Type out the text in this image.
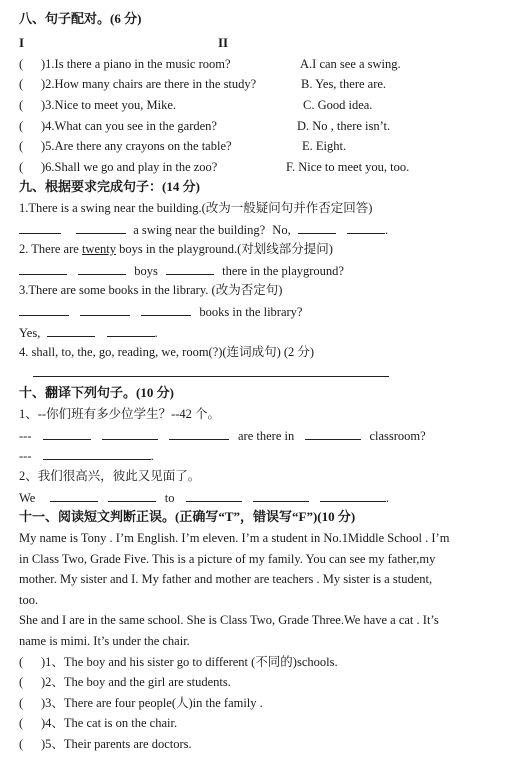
八、句子配对。(6 分)
I	II
( )1.Is there a piano in the music room?	A.I can see a swing.
( )2.How many chairs are there in the study?	B. Yes, there are.
( )3.Nice to meet you, Mike.	C. Good idea.
( )4.What can you see in the garden?	D. No , there isn’t.
( )5.Are there any crayons on the table?	E. Eight.
( )6.Shall we go and play in the zoo?	F. Nice to meet you, too.
九、根据要求完成句子：(14 分)
1.There is a swing near the building.(改为一般疑问句并作否定回答)
a swing near the building? No,	.
2. There are twenty boys in the playground.(对划线部分提问)
boys	there in the playground?
3.There are some books in the library. (改为否定句)
books in the library?
Yes,	.
4. shall, to, the, go, reading, we, room(?)(连词成句) (2 分)
十、翻译下列句子。(10 分)
1、--你们班有多少位学生？--42 个。
---	are there in	classroom?
---	.
2、我们很高兴，彼此又见面了。
We	to	.
十一、阅读短文判断正误。(正确写“T”，错误写“F”)(10 分)
My name is Tony . I’m English. I’m eleven. I’m a student in No.1Middle School . I’m
in Class Two, Grade Five. This is a picture of my family. You can see my father,my
mother. My sister and I. My father and mother are teachers . My sister is a student,
too.
She and I are in the same school. She is Class Two, Grade Three.We have a cat . It’s
name is mimi. It’s under the chair.
( )1、The boy and his sister go to different (不同的)schools.
( )2、The boy and the girl are students.
( )3、There are four people(人)in the family .
( )4、The cat is on the chair.
( )5、Their parents are doctors.
